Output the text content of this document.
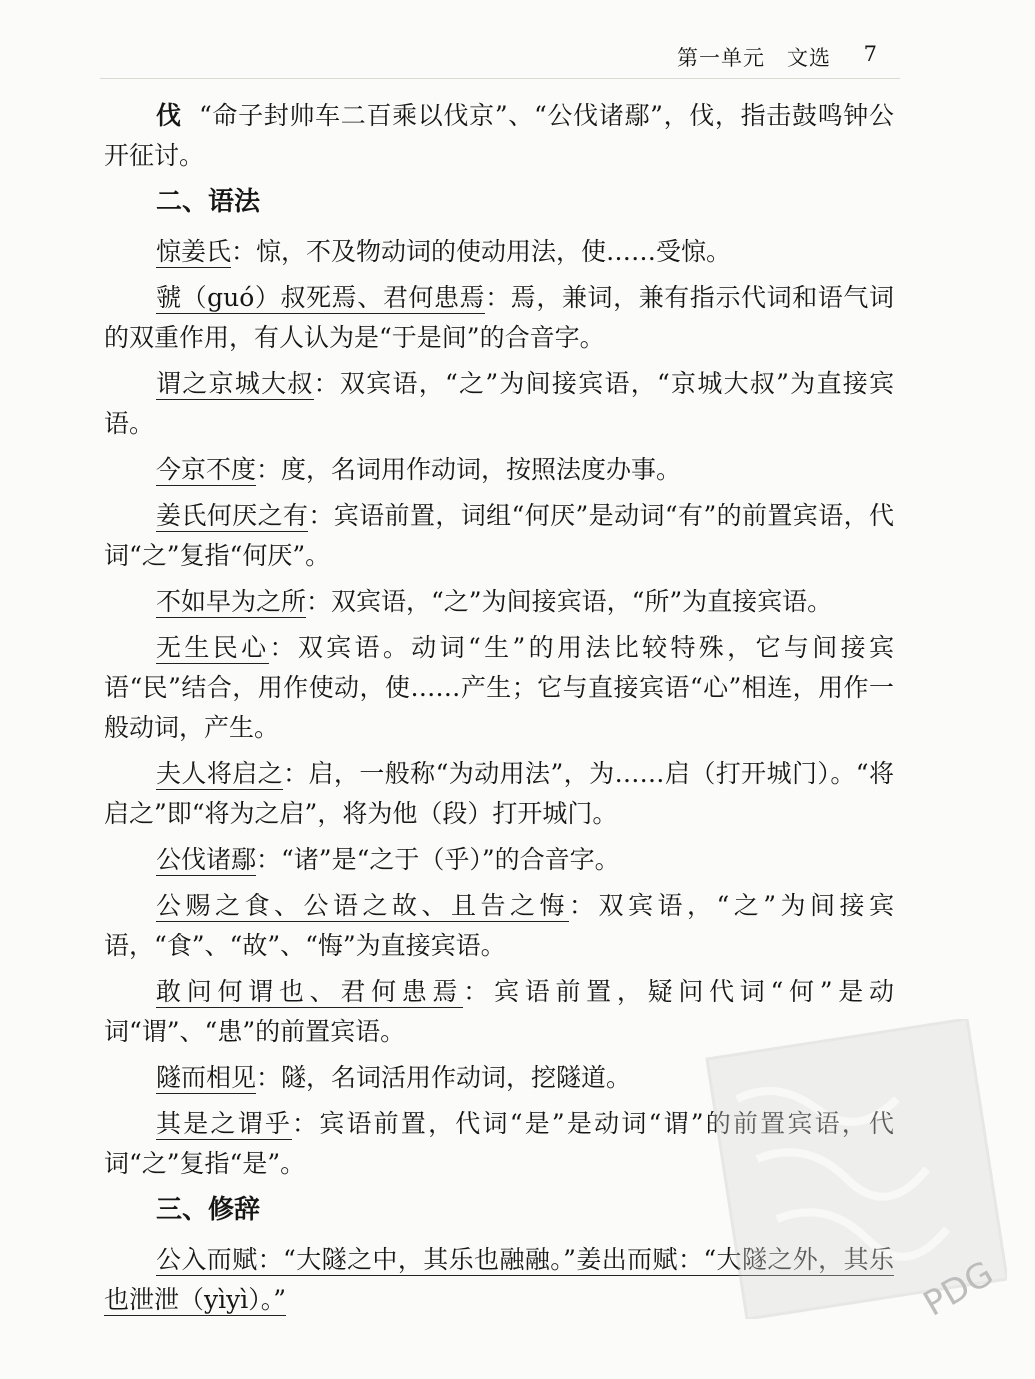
第一单元 文选	7

伐 “命子封帅车二百乘以伐京”、“公伐诸鄢”，伐，指击鼓鸣钟公开征讨。

二、语法

惊姜氏：惊，不及物动词的使动用法，使……受惊。

虢（guó）叔死焉、君何患焉：焉，兼词，兼有指示代词和语气词的双重作用，有人认为是“于是间”的合音字。

谓之京城大叔：双宾语，“之”为间接宾语，“京城大叔”为直接宾语。

今京不度：度，名词用作动词，按照法度办事。

姜氏何厌之有：宾语前置，词组“何厌”是动词“有”的前置宾语，代词“之”复指“何厌”。

不如早为之所：双宾语，“之”为间接宾语，“所”为直接宾语。

无生民心：双宾语。动词“生”的用法比较特殊，它与间接宾语“民”结合，用作使动，使……产生；它与直接宾语“心”相连，用作一般动词，产生。

夫人将启之：启，一般称“为动用法”，为……启（打开城门）。“将启之”即“将为之启”，将为他（段）打开城门。

公伐诸鄢：“诸”是“之于（乎）”的合音字。

公赐之食、公语之故、且告之悔：双宾语，“之”为间接宾语，“食”、“故”、“悔”为直接宾语。

敢问何谓也、君何患焉：宾语前置，疑问代词“何”是动词“谓”、“患”的前置宾语。

隧而相见：隧，名词活用作动词，挖隧道。

其是之谓乎：宾语前置，代词“是”是动词“谓”的前置宾语，代词“之”复指“是”。

三、修辞

公入而赋：“大隧之中，其乐也融融。”姜出而赋：“大隧之外，其乐也泄泄（yìyì）。”	PDG
